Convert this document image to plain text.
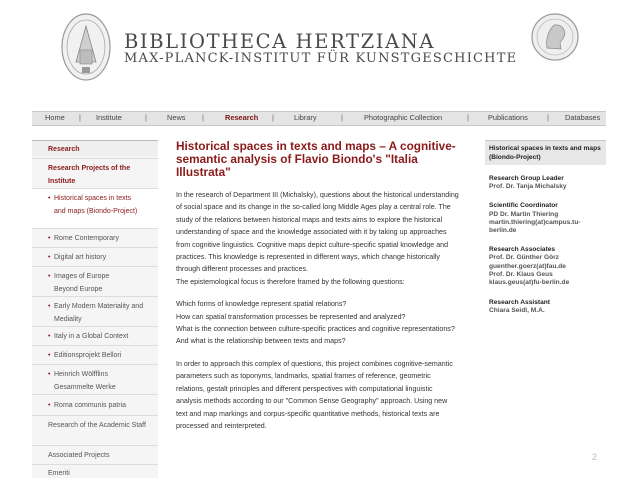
BIBLIOTHECA HERTZIANA
MAX-PLANCK-INSTITUT FÜR KUNSTGESCHICHTE
Home | Institute	|	News |	Research |	Library	|	Photographic Collection	|	Publications	| Databases
Research
Research Projects of the Institute
• Historical spaces in texts and maps (Biondo-Project)
• Rome Contemporary
• Digital art history
• Images of Europe Beyond Europe
• Early Modern Materiality and Mediality
• Italy in a Global Context
• Editionsprojekt Bellori
• Heinrich Wölfflins Gesammelte Werke
• Roma communis patria
Research of the Academic Staff
Associated Projects
Emeriti
Historical spaces in texts and maps – A cognitive-semantic analysis of Flavio Biondo's "Italia Illustrata"
In the research of Department III (Michalsky), questions about the historical understanding of social space and its change in the so-called long Middle Ages play a central role. The study of the relations between historical maps and texts aims to explore the historical understanding of space and the knowledge associated with it by taking up approaches from cognitive linguistics. Cognitive maps depict culture-specific spatial knowledge and practices. This knowledge is represented in different ways, which change historically through different processes and practices.
The epistemological focus is therefore framed by the following questions:
Which forms of knowledge represent spatial relations?
How can spatial transformation processes be represented and analyzed?
What is the connection between culture-specific practices and cognitive representations?
And what is the relationship between texts and maps?
In order to approach this complex of questions, this project combines cognitive-semantic parameters such as toponyms, landmarks, spatial frames of reference, geometric relations, gestalt principles and different perspectives with computational linguistic analysis methods according to our "Common Sense Geography" approach. Using new text and map markings and corpus-specific quantitative methods, historical texts are processed and reinterpreted.
Historical spaces in texts and maps (Biondo-Project)
Research Group Leader
Prof. Dr. Tanja Michalsky
Scientific Coordinator
PD Dr. Martin Thiering
martin.thiering(at)campus.tu-berlin.de
Research Associates
Prof. Dr. Günther Görz
guenther.goerz(at)fau.de
Prof. Dr. Klaus Geus
klaus.geus(at)fu-berlin.de
Research Assistant
Chiara Seidl, M.A.
2
